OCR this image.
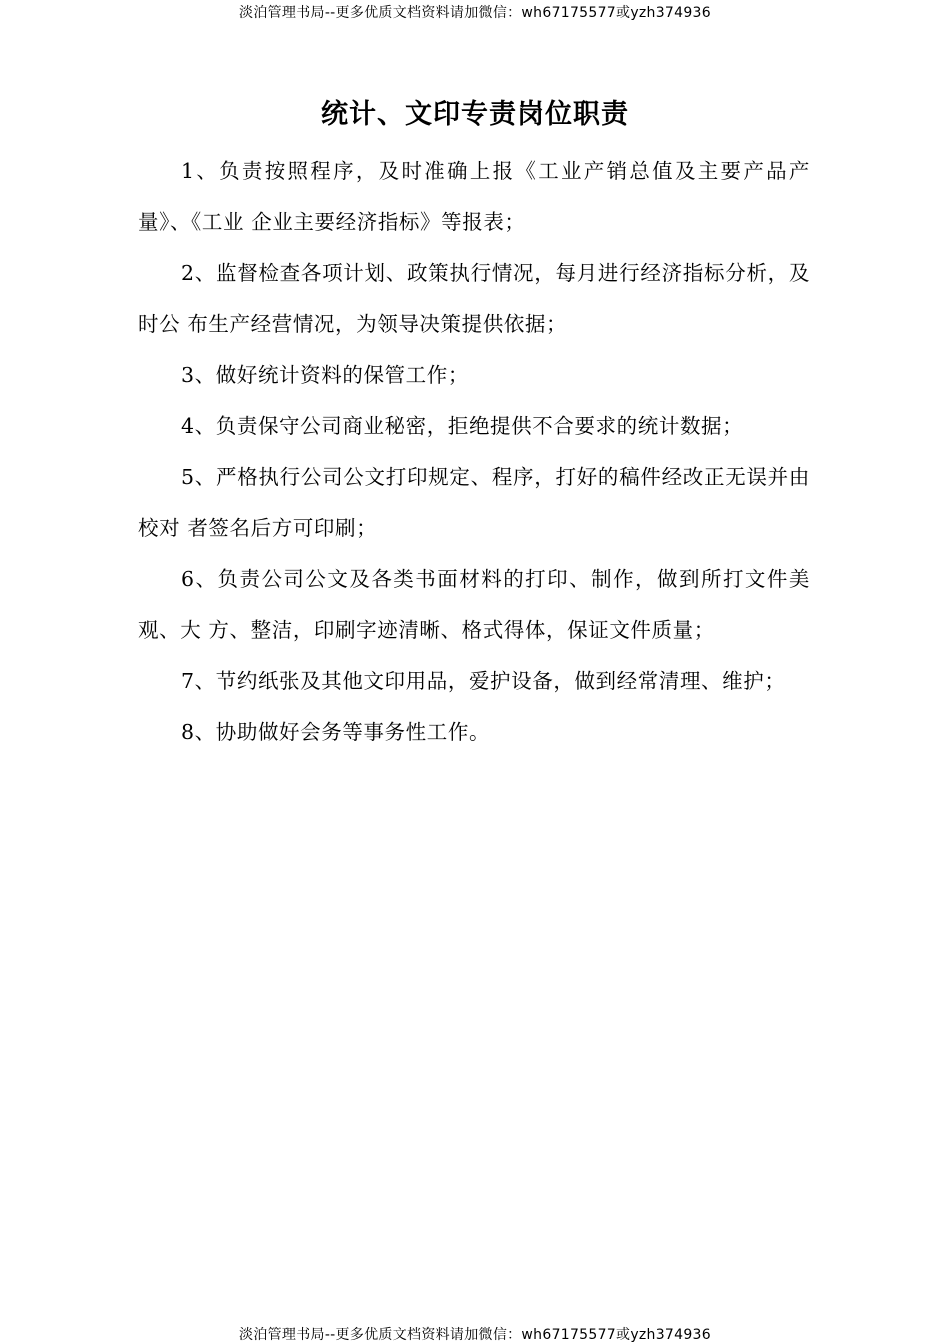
淡泊管理书局--更多优质文档资料请加微信：wh67175577或yzh374936
统计、文印专责岗位职责

1、负责按照程序，及时准确上报《工业产销总值及主要产品产量》、《工业 企业主要经济指标》等报表；

2、监督检查各项计划、政策执行情况，每月进行经济指标分析，及时公 布生产经营情况，为领导决策提供依据；

3、做好统计资料的保管工作；

4、负责保守公司商业秘密，拒绝提供不合要求的统计数据；

5、严格执行公司公文打印规定、程序，打好的稿件经改正无误并由校对 者签名后方可印刷；

6、负责公司公文及各类书面材料的打印、制作，做到所打文件美观、大 方、整洁，印刷字迹清晰、格式得体，保证文件质量；

7、节约纸张及其他文印用品，爱护设备，做到经常清理、维护；

8、协助做好会务等事务性工作。

淡泊管理书局--更多优质文档资料请加微信：wh67175577或yzh374936
